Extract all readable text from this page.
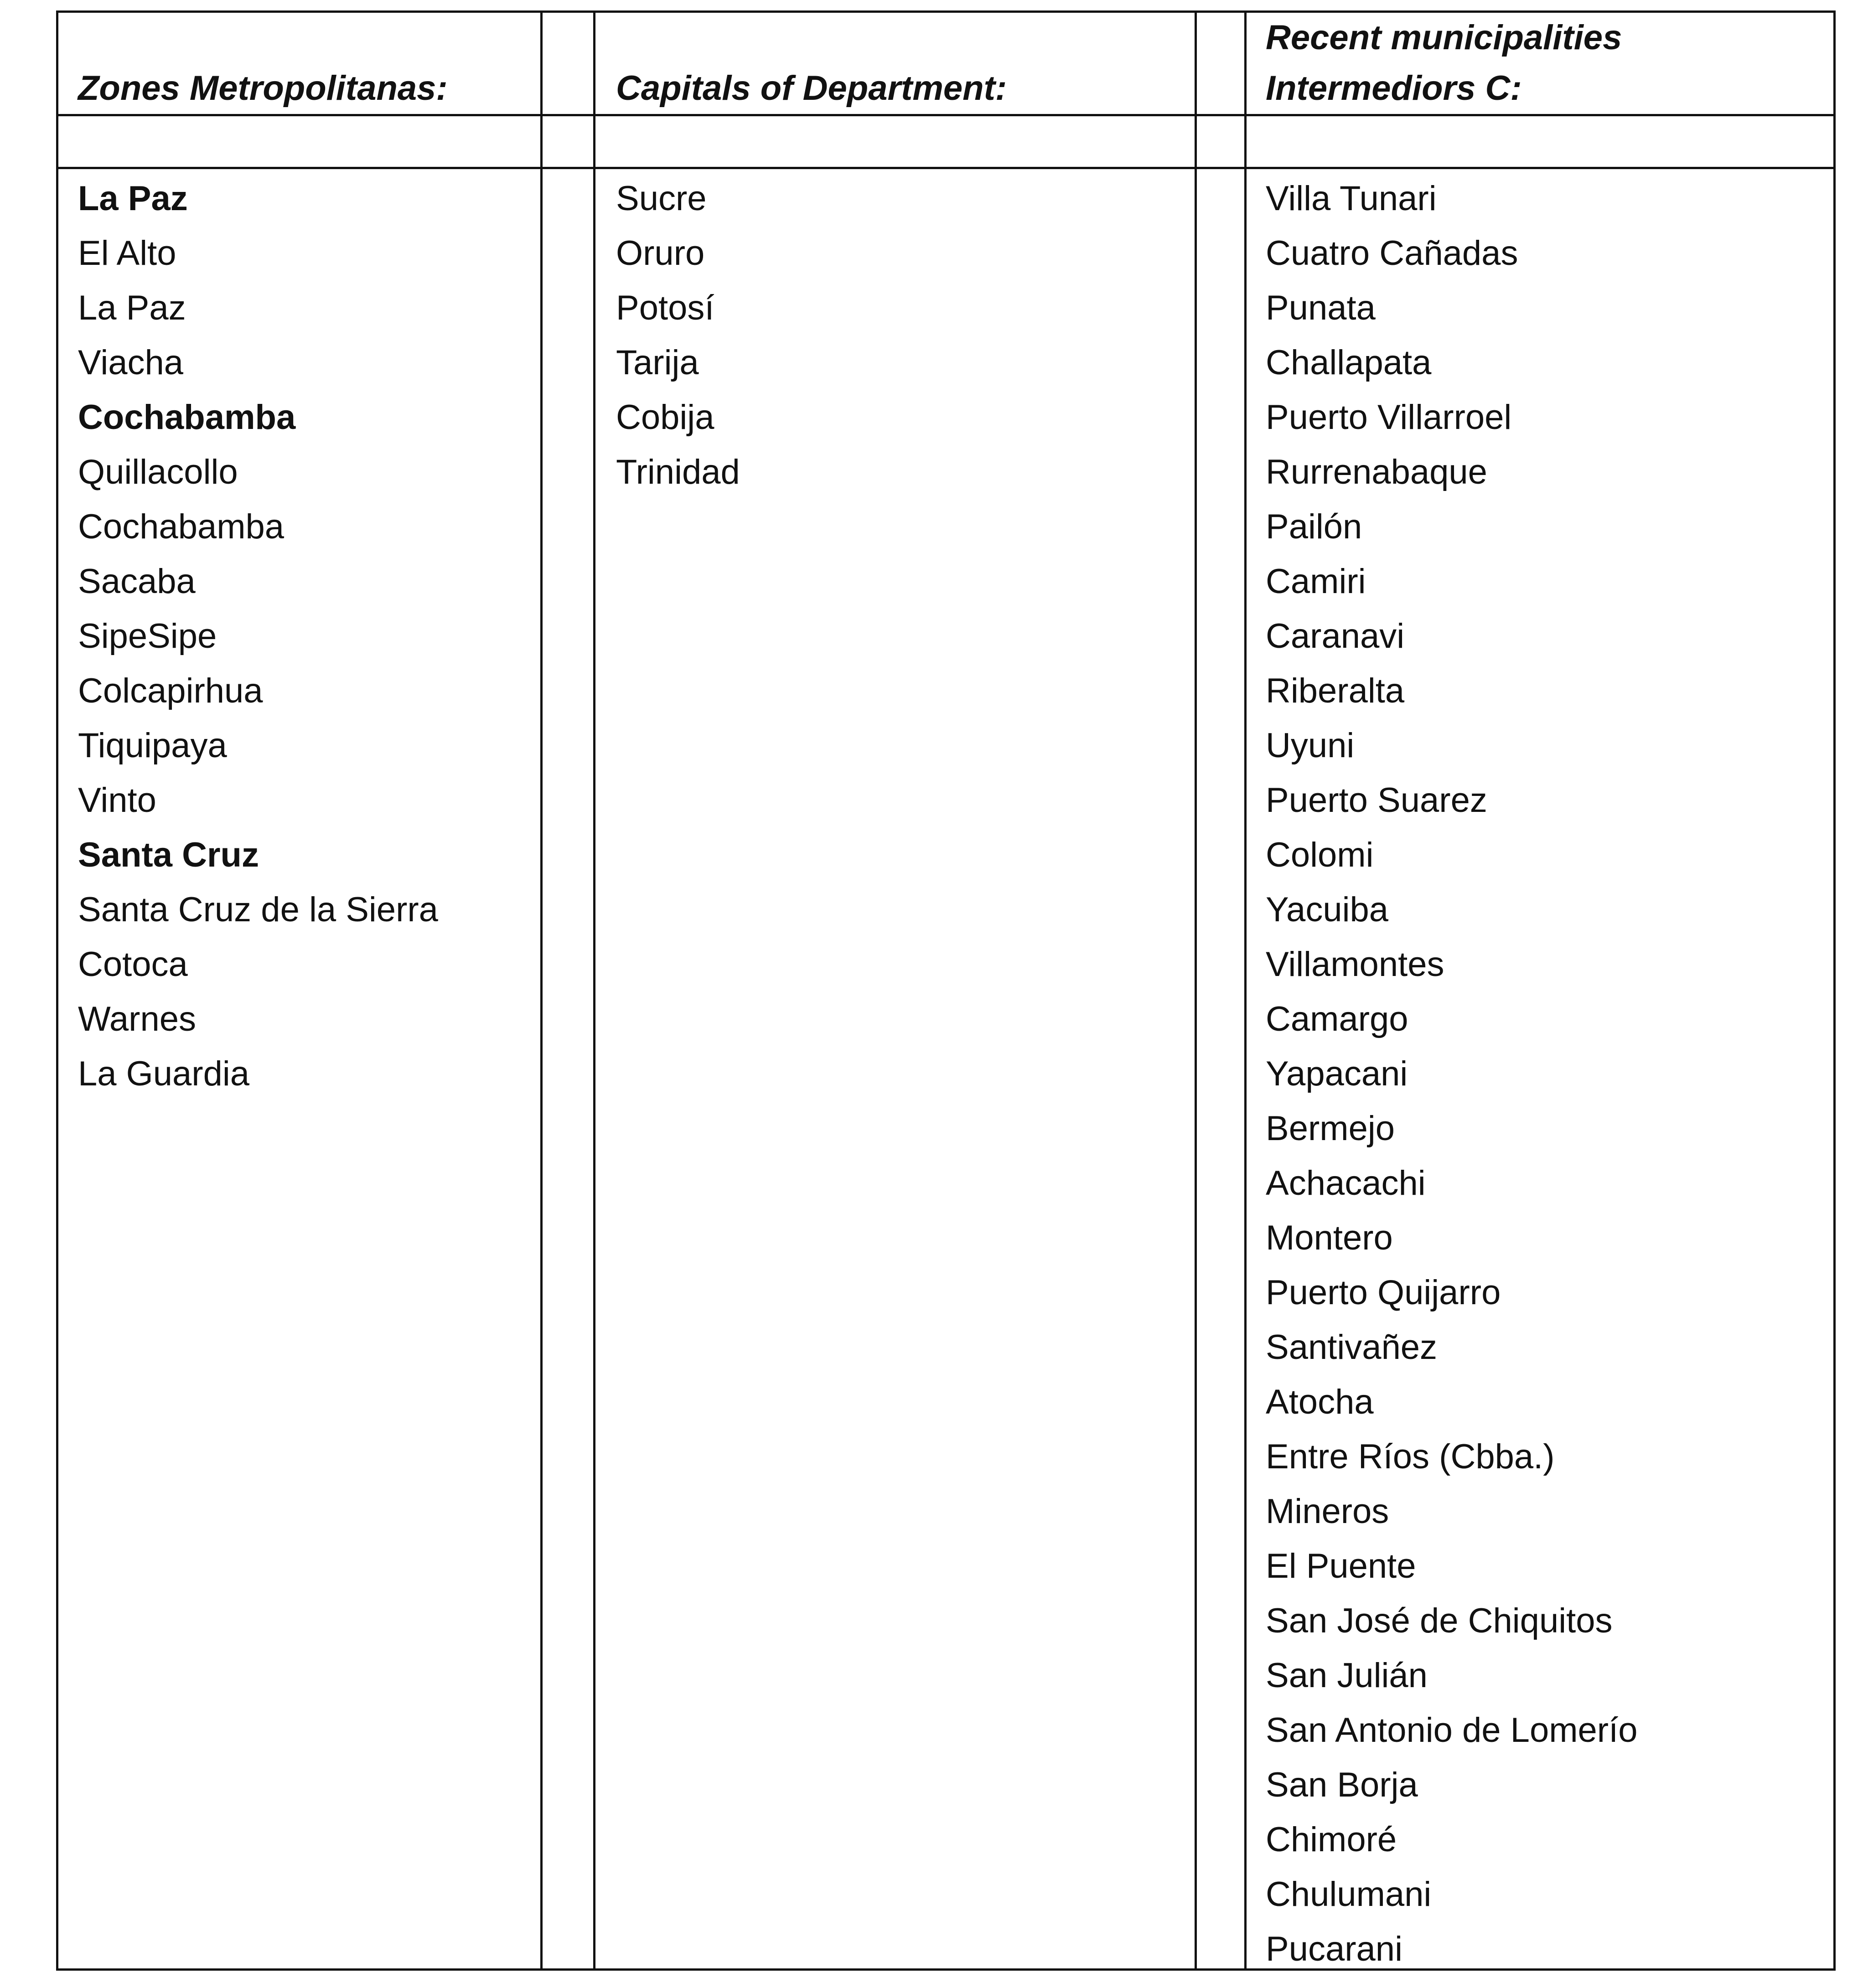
Zones Metropolitanas:	Capitals of Department:
Recent municipalities
Intermediors C:
La Paz
El Alto
La Paz
Viacha
Cochabamba
Quillacollo
Cochabamba
Sacaba
SipeSipe
Colcapirhua
Tiquipaya
Vinto
Santa Cruz
Santa Cruz de la Sierra
Cotoca
Warnes
La Guardia
Sucre
Oruro
Potosí
Tarija
Cobija
Trinidad
Villa Tunari
Cuatro Cañadas
Punata
Challapata
Puerto Villarroel
Rurrenabaque
Pailón
Camiri
Caranavi
Riberalta
Uyuni
Puerto Suarez
Colomi
Yacuiba
Villamontes
Camargo
Yapacani
Bermejo
Achacachi
Montero
Puerto Quijarro
Santivañez
Atocha
Entre Ríos (Cbba.)
Mineros
El Puente
San José de Chiquitos
San Julián
San Antonio de Lomerío
San Borja
Chimoré
Chulumani
Pucarani
